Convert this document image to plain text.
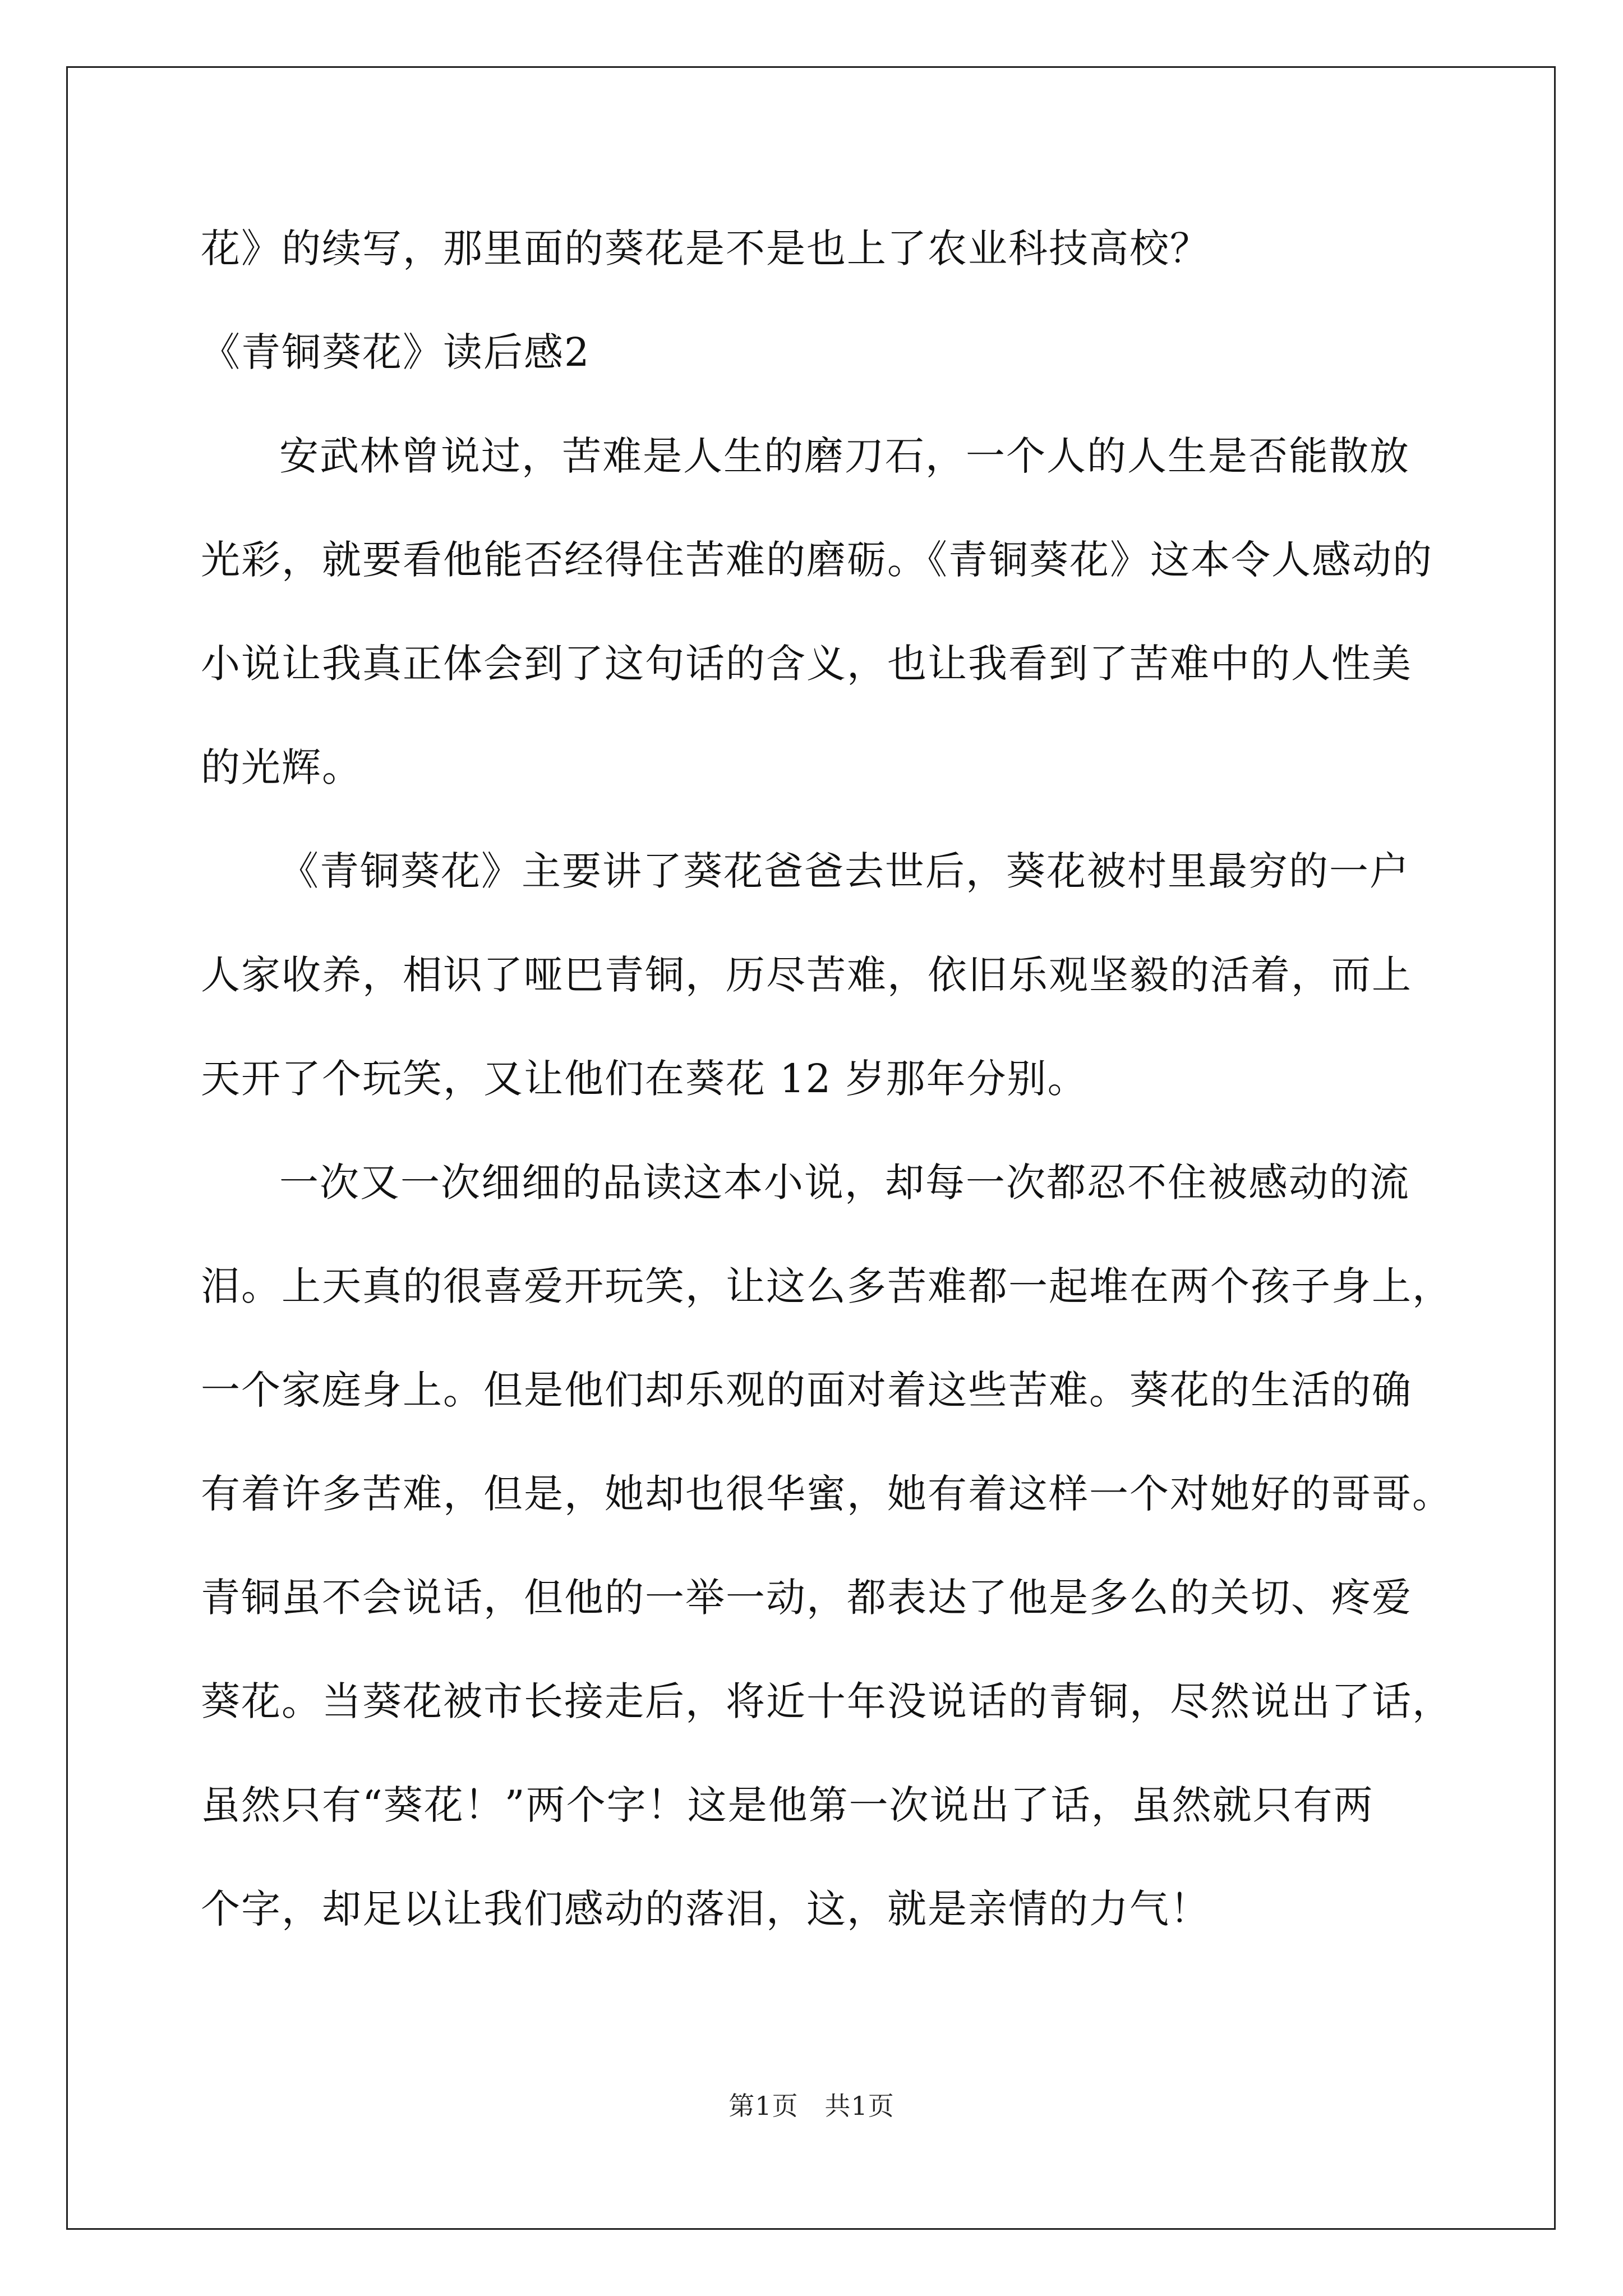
花》的续写，那里面的葵花是不是也上了农业科技高校？
《青铜葵花》读后感2
安武林曾说过，苦难是人生的磨刀石，一个人的人生是否能散放
光彩，就要看他能否经得住苦难的磨砺。《青铜葵花》这本令人感动的
小说让我真正体会到了这句话的含义，也让我看到了苦难中的人性美
的光辉。
《青铜葵花》主要讲了葵花爸爸去世后，葵花被村里最穷的一户
人家收养，相识了哑巴青铜，历尽苦难，依旧乐观坚毅的活着，而上
天开了个玩笑，又让他们在葵花 12 岁那年分别。
一次又一次细细的品读这本小说，却每一次都忍不住被感动的流
泪。上天真的很喜爱开玩笑，让这么多苦难都一起堆在两个孩子身上，
一个家庭身上。但是他们却乐观的面对着这些苦难。葵花的生活的确
有着许多苦难，但是，她却也很华蜜，她有着这样一个对她好的哥哥。
青铜虽不会说话，但他的一举一动，都表达了他是多么的关切、疼爱
葵花。当葵花被市长接走后，将近十年没说话的青铜，尽然说出了话，
虽然只有“葵花！”两个字！这是他第一次说出了话，虽然就只有两
个字，却足以让我们感动的落泪，这，就是亲情的力气！
第1页   共1页
